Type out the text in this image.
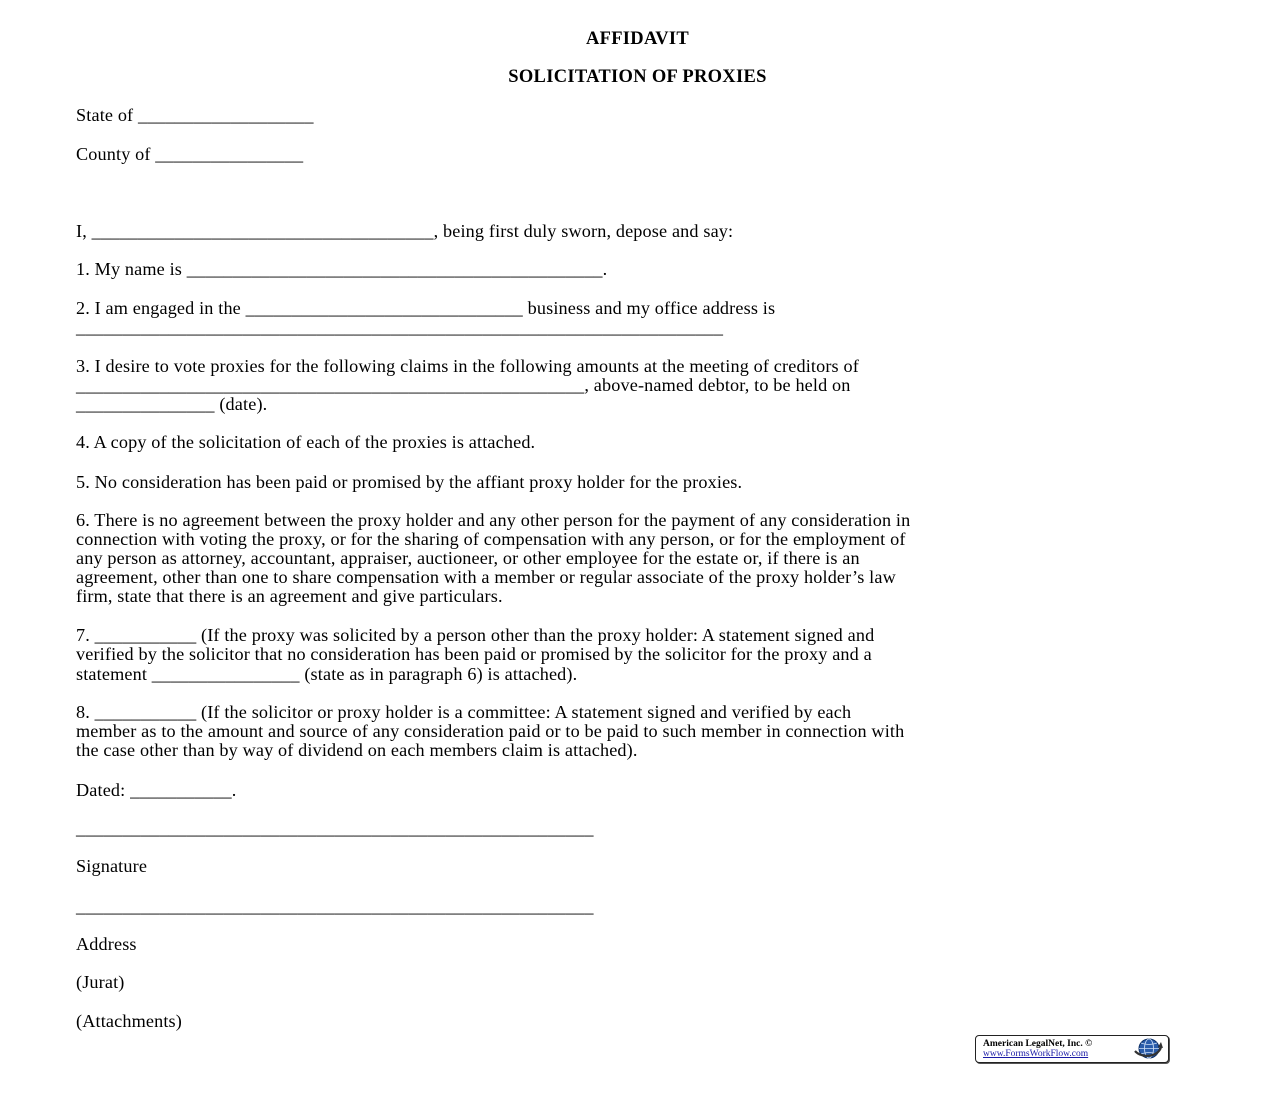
AFFIDAVIT
SOLICITATION OF PROXIES
State of ___________________
County of ________________
I, _____________________________________, being first duly sworn, depose and say:
1. My name is _____________________________________________.
2. I am engaged in the ______________________________ business and my office address is
______________________________________________________________________
3. I desire to vote proxies for the following claims in the following amounts at the meeting of creditors of
_______________________________________________________, above-named debtor, to be held on
_______________ (date).
4. A copy of the solicitation of each of the proxies is attached.
5. No consideration has been paid or promised by the affiant proxy holder for the proxies.
6. There is no agreement between the proxy holder and any other person for the payment of any consideration in
connection with voting the proxy, or for the sharing of compensation with any person, or for the employment of
any person as attorney, accountant, appraiser, auctioneer, or other employee for the estate or, if there is an
agreement, other than one to share compensation with a member or regular associate of the proxy holder’s law
firm, state that there is an agreement and give particulars.
7. ___________ (If the proxy was solicited by a person other than the proxy holder: A statement signed and
verified by the solicitor that no consideration has been paid or promised by the solicitor for the proxy and a
statement ________________ (state as in paragraph 6) is attached).
8. ___________ (If the solicitor or proxy holder is a committee: A statement signed and verified by each
member as to the amount and source of any consideration paid or to be paid to such member in connection with
the case other than by way of dividend on each members claim is attached).
Dated: ___________.
________________________________________________________
Signature
________________________________________________________
Address
(Jurat)
(Attachments)
American LegalNet, Inc. ©
www.FormsWorkFlow.com
